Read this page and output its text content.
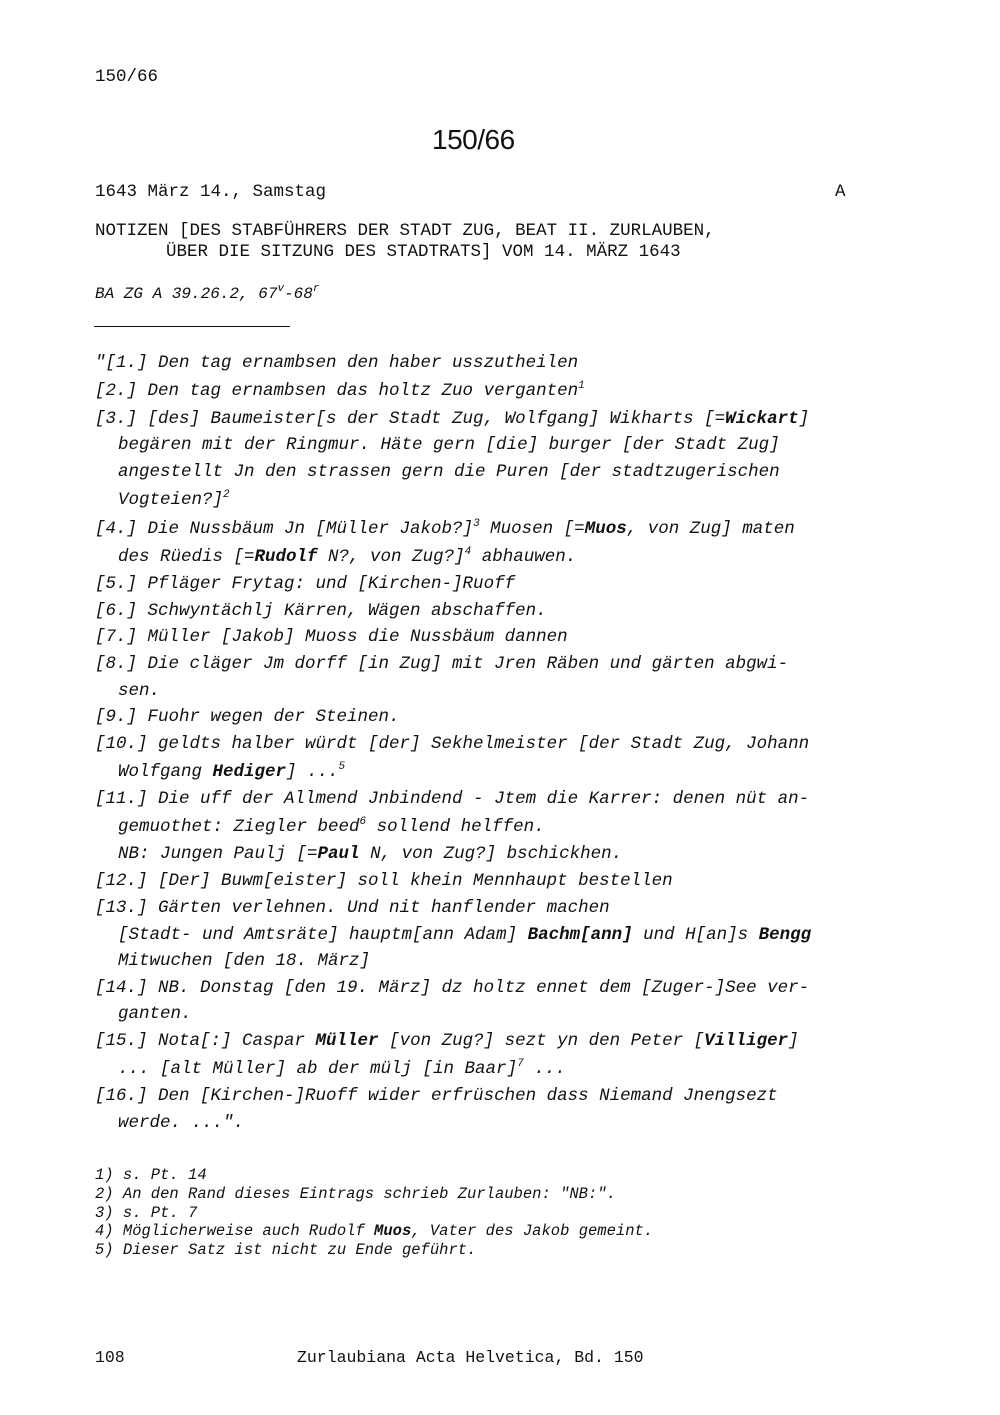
150/66
150/66
1643 März 14., Samstag	A
NOTIZEN [DES STABFÜHRERS DER STADT ZUG, BEAT II. ZURLAUBEN,
ÜBER DIE SITZUNG DES STADTRATS] VOM 14. MÄRZ 1643
BA ZG A 39.26.2, 67$^v$-68$^r$
"[1.] Den tag ernambsen den haber usszutheilen
[2.] Den tag ernambsen das holtz Zuo verganten$^1$
[3.] [des] Baumeister[s der Stadt Zug, Wolfgang] Wikharts [=Wickart]
begären mit der Ringmur. Häte gern [die] burger [der Stadt Zug]
angestellt Jn den strassen gern die Puren [der stadtzugerischen
Vogteien?]$^2$
[4.] Die Nussbäum Jn [Müller Jakob?]$^3$ Muosen [=Muos, von Zug] maten
des Rüedis [=Rudolf N?, von Zug?]$^4$ abhauwen.
[5.] Pfläger Frytag: und [Kirchen-]Ruoff
[6.] Schwyntächlj Kärren, Wägen abschaffen.
[7.] Müller [Jakob] Muoss die Nussbäum dannen
[8.] Die cläger Jm dorff [in Zug] mit Jren Räben und gärten abgwi-
sen.
[9.] Fuohr wegen der Steinen.
[10.] geldts halber würdt [der] Sekhelmeister [der Stadt Zug, Johann
Wolfgang Hediger] ...$^5$
[11.] Die uff der Allmend Jnbindend - Jtem die Karrer: denen nüt an-
gemuothet: Ziegler beed$^6$ sollend helffen.
NB: Jungen Paulj [=Paul N, von Zug?] bschickhen.
[12.] [Der] Buwm[eister] soll khein Mennhaupt bestellen
[13.] Gärten verlehnen. Und nit hanflender machen
[Stadt- und Amtsräte] hauptm[ann Adam] Bachm[ann] und H[an]s Bengg
Mitwuchen [den 18. März]
[14.] NB. Donstag [den 19. März] dz holtz ennet dem [Zuger-]See ver-
ganten.
[15.] Nota[:] Caspar Müller [von Zug?] sezt yn den Peter [Villiger]
... [alt Müller] ab der mülj [in Baar]$^7$ ...
[16.] Den [Kirchen-]Ruoff wider erfrüschen dass Niemand Jnengsezt
werde. ...".
1) s. Pt. 14
2) An den Rand dieses Eintrags schrieb Zurlauben: "NB:".
3) s. Pt. 7
4) Möglicherweise auch Rudolf Muos, Vater des Jakob gemeint.
5) Dieser Satz ist nicht zu Ende geführt.
108	Zurlaubiana Acta Helvetica, Bd. 150
